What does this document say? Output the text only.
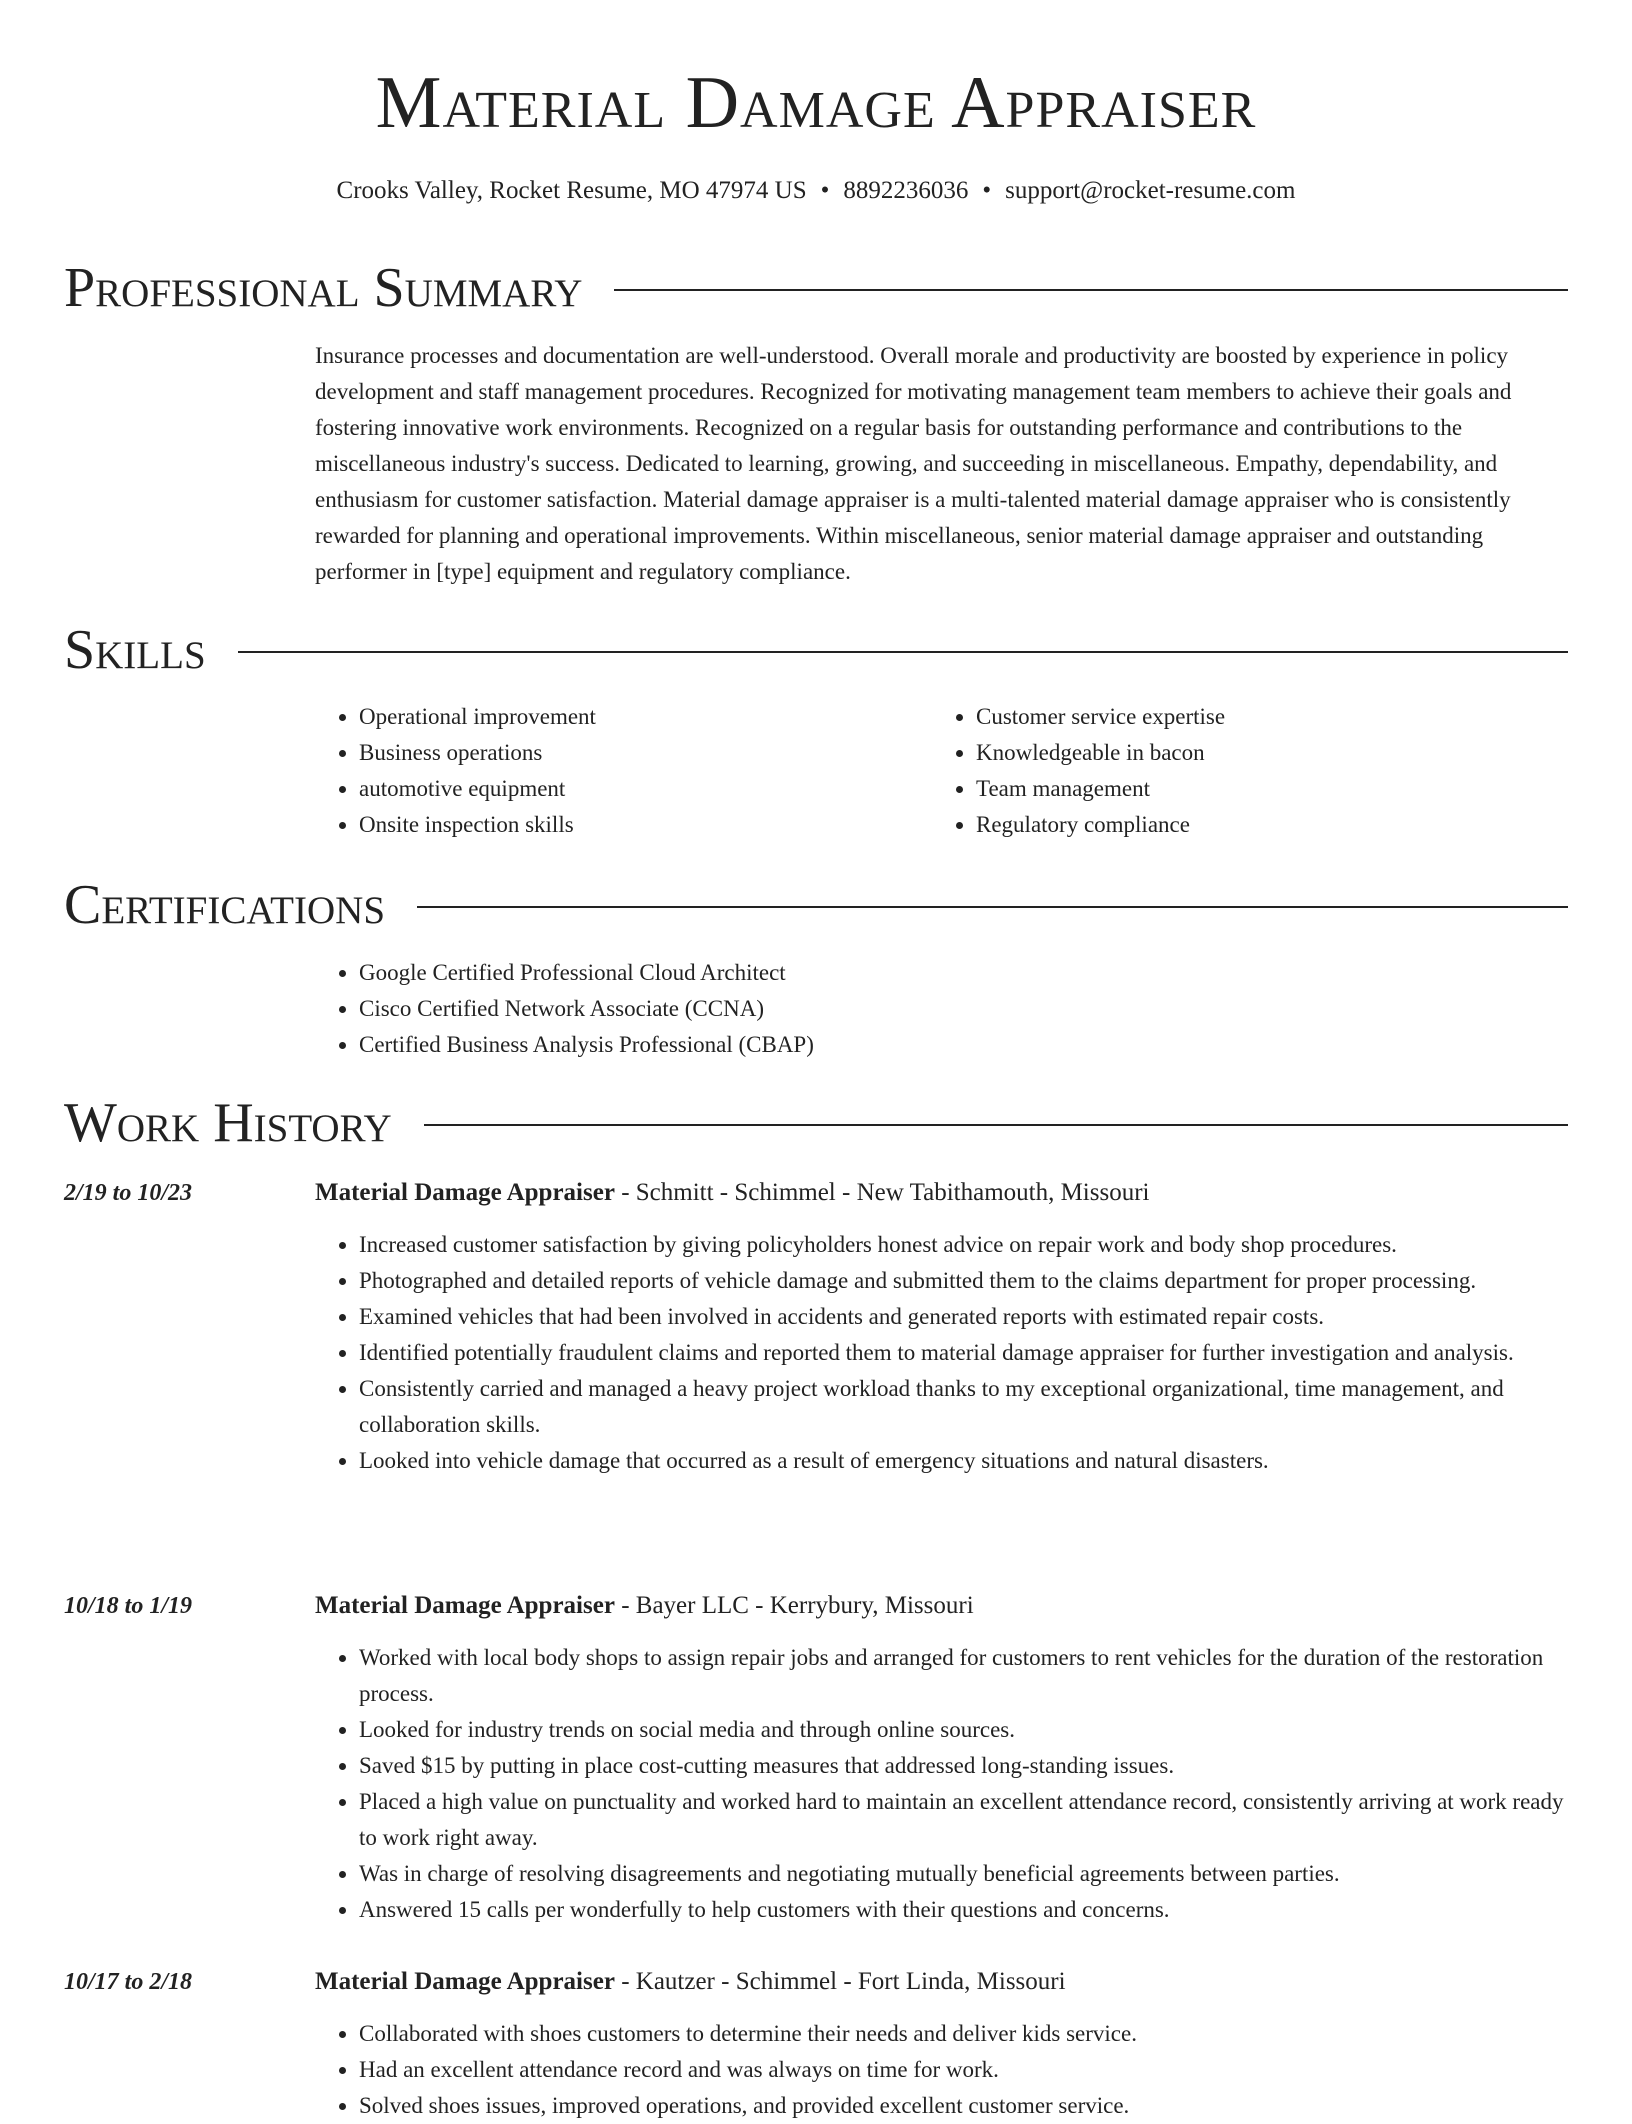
Material Damage Appraiser
Crooks Valley, Rocket Resume, MO 47974 US • 8892236036 • support@rocket-resume.com
Professional Summary

Insurance processes and documentation are well-understood. Overall morale and productivity are boosted by experience in policy development and staff management procedures. Recognized for motivating management team members to achieve their goals and fostering innovative work environments. Recognized on a regular basis for outstanding performance and contributions to the miscellaneous industry's success. Dedicated to learning, growing, and succeeding in miscellaneous. Empathy, dependability, and enthusiasm for customer satisfaction. Material damage appraiser is a multi-talented material damage appraiser who is consistently rewarded for planning and operational improvements. Within miscellaneous, senior material damage appraiser and outstanding performer in [type] equipment and regulatory compliance.

Skills
• Operational improvement
• Business operations
• automotive equipment
• Onsite inspection skills
• Customer service expertise
• Knowledgeable in bacon
• Team management
• Regulatory compliance
Certifications
• Google Certified Professional Cloud Architect
• Cisco Certified Network Associate (CCNA)
• Certified Business Analysis Professional (CBAP)
Work History
2/19 to 10/23	Material Damage Appraiser - Schmitt - Schimmel - New Tabithamouth, Missouri
• Increased customer satisfaction by giving policyholders honest advice on repair work and body shop procedures.
• Photographed and detailed reports of vehicle damage and submitted them to the claims department for proper processing.
• Examined vehicles that had been involved in accidents and generated reports with estimated repair costs.
• Identified potentially fraudulent claims and reported them to material damage appraiser for further investigation and analysis.
• Consistently carried and managed a heavy project workload thanks to my exceptional organizational, time management, and collaboration skills.
• Looked into vehicle damage that occurred as a result of emergency situations and natural disasters.
10/18 to 1/19	Material Damage Appraiser - Bayer LLC - Kerrybury, Missouri
• Worked with local body shops to assign repair jobs and arranged for customers to rent vehicles for the duration of the restoration process.
• Looked for industry trends on social media and through online sources.
• Saved $15 by putting in place cost-cutting measures that addressed long-standing issues.
• Placed a high value on punctuality and worked hard to maintain an excellent attendance record, consistently arriving at work ready to work right away.
• Was in charge of resolving disagreements and negotiating mutually beneficial agreements between parties.
• Answered 15 calls per wonderfully to help customers with their questions and concerns.
10/17 to 2/18	Material Damage Appraiser - Kautzer - Schimmel - Fort Linda, Missouri
• Collaborated with shoes customers to determine their needs and deliver kids service.
• Had an excellent attendance record and was always on time for work.
• Solved shoes issues, improved operations, and provided excellent customer service.
